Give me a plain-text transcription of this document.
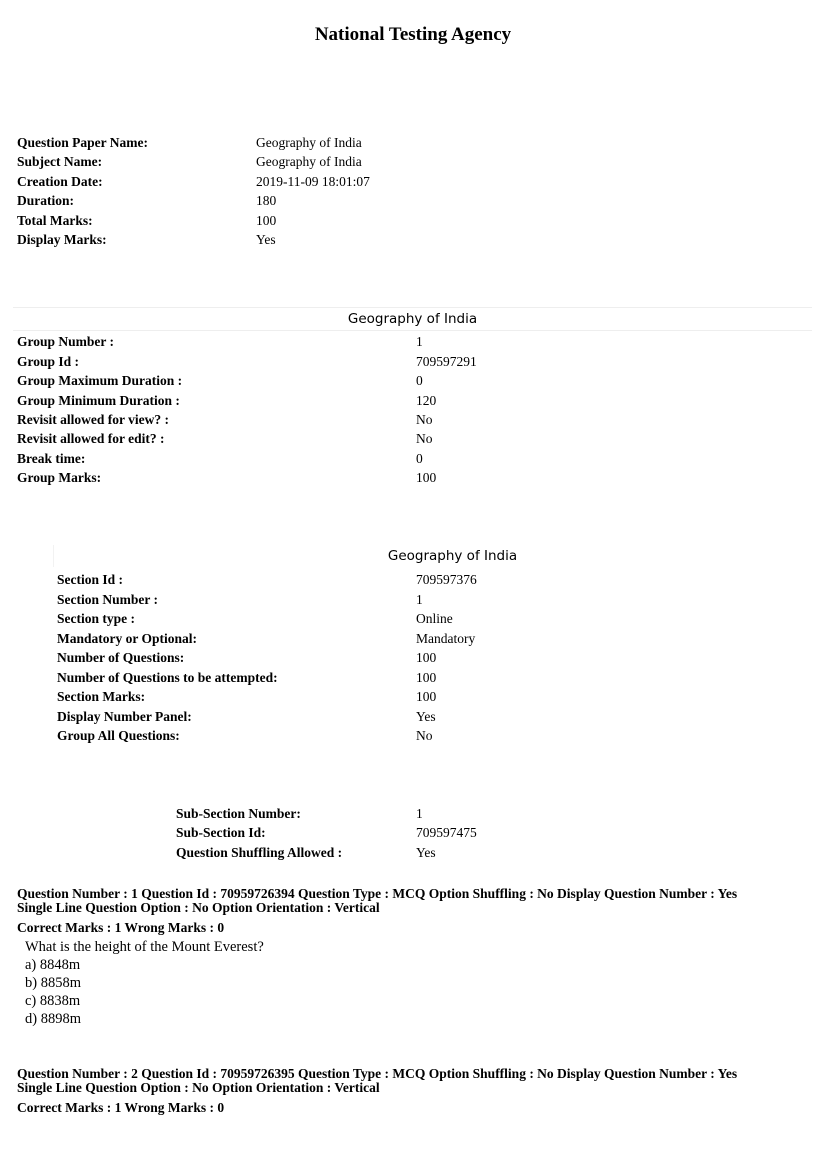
National Testing Agency
Question Paper Name:	Geography of India
Subject Name:	Geography of India
Creation Date:	2019-11-09 18:01:07
Duration:	180
Total Marks:	100
Display Marks:	Yes
Geography of India
Group Number :	1
Group Id :	709597291
Group Maximum Duration :	0
Group Minimum Duration :	120
Revisit allowed for view? :	No
Revisit allowed for edit? :	No
Break time:	0
Group Marks:	100
Geography of India
Section Id :	709597376
Section Number :	1
Section type :	Online
Mandatory or Optional:	Mandatory
Number of Questions:	100
Number of Questions to be attempted:	100
Section Marks:	100
Display Number Panel:	Yes
Group All Questions:	No
Sub-Section Number:	1
Sub-Section Id:	709597475
Question Shuffling Allowed :	Yes
Question Number : 1 Question Id : 70959726394 Question Type : MCQ Option Shuffling : No Display Question Number : Yes
Single Line Question Option : No Option Orientation : Vertical
Correct Marks : 1 Wrong Marks : 0
What is the height of the Mount Everest?
a) 8848m
b) 8858m
c) 8838m
d) 8898m
Question Number : 2 Question Id : 70959726395 Question Type : MCQ Option Shuffling : No Display Question Number : Yes
Single Line Question Option : No Option Orientation : Vertical
Correct Marks : 1 Wrong Marks : 0
